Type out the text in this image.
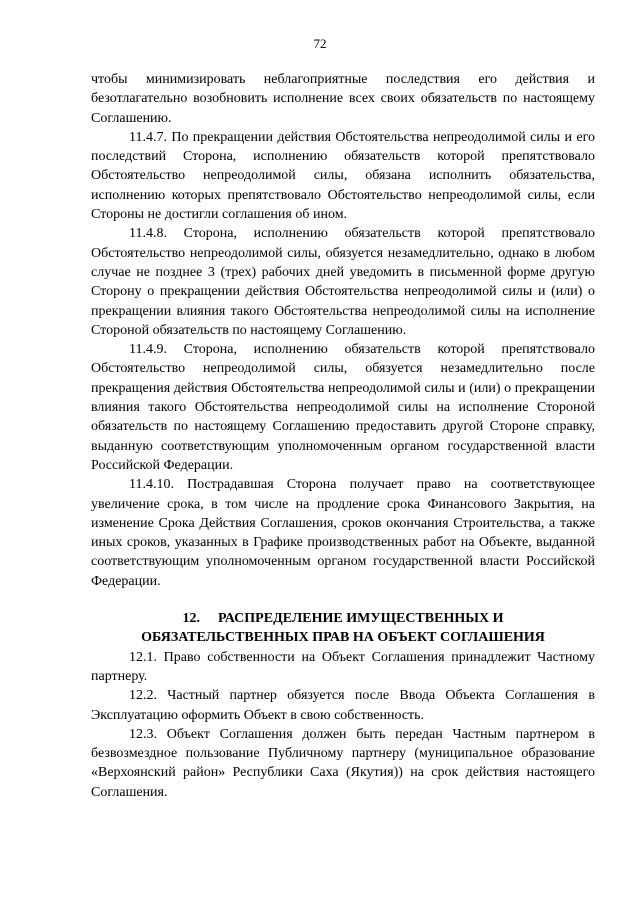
72

чтобы минимизировать неблагоприятные последствия его действия и безотлагательно возобновить исполнение всех своих обязательств по настоящему Соглашению.

11.4.7. По прекращении действия Обстоятельства непреодолимой силы и его последствий Сторона, исполнению обязательств которой препятствовало Обстоятельство непреодолимой силы, обязана исполнить обязательства, исполнению которых препятствовало Обстоятельство непреодолимой силы, если Стороны не достигли соглашения об ином.

11.4.8. Сторона, исполнению обязательств которой препятствовало Обстоятельство непреодолимой силы, обязуется незамедлительно, однако в любом случае не позднее 3 (трех) рабочих дней уведомить в письменной форме другую Сторону о прекращении действия Обстоятельства непреодолимой силы и (или) о прекращении влияния такого Обстоятельства непреодолимой силы на исполнение Стороной обязательств по настоящему Соглашению.

11.4.9. Сторона, исполнению обязательств которой препятствовало Обстоятельство непреодолимой силы, обязуется незамедлительно после прекращения действия Обстоятельства непреодолимой силы и (или) о прекращении влияния такого Обстоятельства непреодолимой силы на исполнение Стороной обязательств по настоящему Соглашению предоставить другой Стороне справку, выданную соответствующим уполномоченным органом государственной власти Российской Федерации.

11.4.10. Пострадавшая Сторона получает право на соответствующее увеличение срока, в том числе на продление срока Финансового Закрытия, на изменение Срока Действия Соглашения, сроков окончания Строительства, а также иных сроков, указанных в Графике производственных работ на Объекте, выданной соответствующим уполномоченным органом государственной власти Российской Федерации.

12. РАСПРЕДЕЛЕНИЕ ИМУЩЕСТВЕННЫХ И
ОБЯЗАТЕЛЬСТВЕННЫХ ПРАВ НА ОБЪЕКТ СОГЛАШЕНИЯ

12.1. Право собственности на Объект Соглашения принадлежит Частному партнеру.

12.2. Частный партнер обязуется после Ввода Объекта Соглашения в Эксплуатацию оформить Объект в свою собственность.

12.3. Объект Соглашения должен быть передан Частным партнером в безвозмездное пользование Публичному партнеру (муниципальное образование «Верхоянский район» Республики Саха (Якутия)) на срок действия настоящего Соглашения.
